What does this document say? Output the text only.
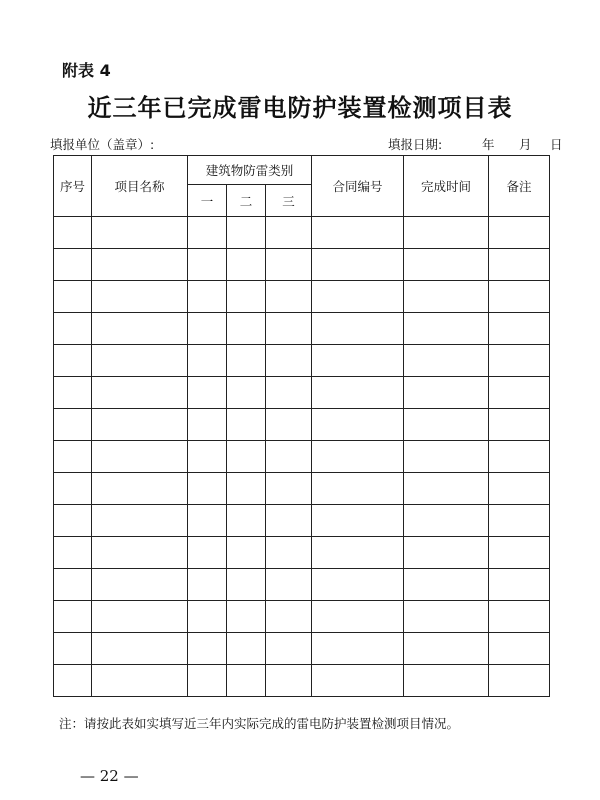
附表 4
近三年已完成雷电防护装置检测项目表
填报单位（盖章）:	填报日期:	年 月 日
序号	项目名称	建筑物防雷类别			合同编号	完成时间	备注
		一	二	三			

注：请按此表如实填写近三年内实际完成的雷电防护装置检测项目情况。
— 22 —
